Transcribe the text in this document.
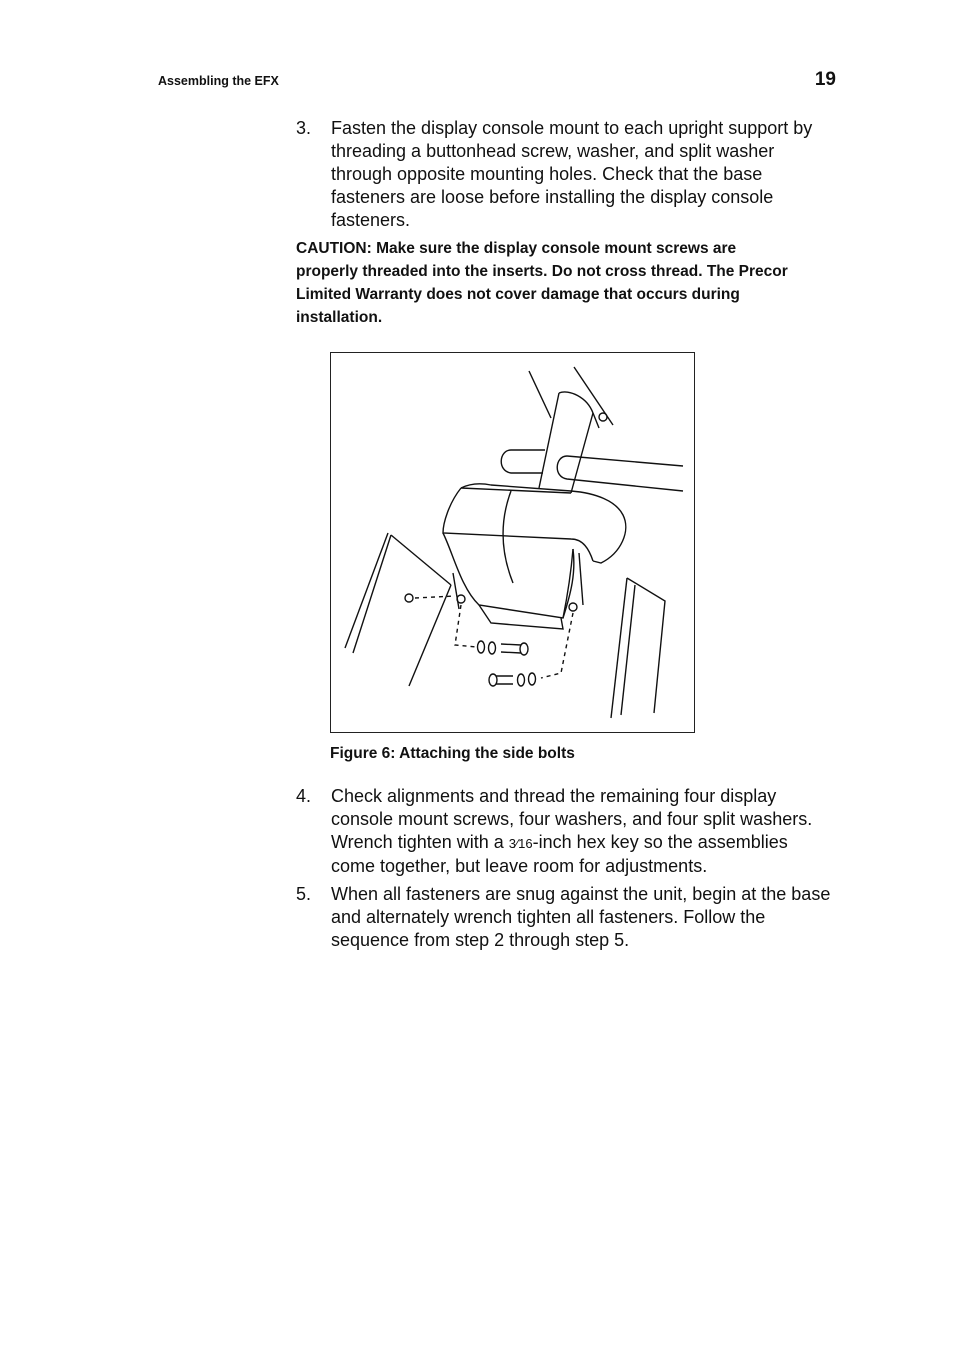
Assembling the EFX	19
3. Fasten the display console mount to each upright support by threading a buttonhead screw, washer, and split washer through opposite mounting holes. Check that the base fasteners are loose before installing the display console fasteners.
CAUTION: Make sure the display console mount screws are properly threaded into the inserts. Do not cross thread. The Precor Limited Warranty does not cover damage that occurs during installation.
Figure 6: Attaching the side bolts
4. Check alignments and thread the remaining four display console mount screws, four washers, and four split washers. Wrench tighten with a 3⁄16-inch hex key so the assemblies come together, but leave room for adjustments.
5. When all fasteners are snug against the unit, begin at the base and alternately wrench tighten all fasteners. Follow the sequence from step 2 through step 5.
